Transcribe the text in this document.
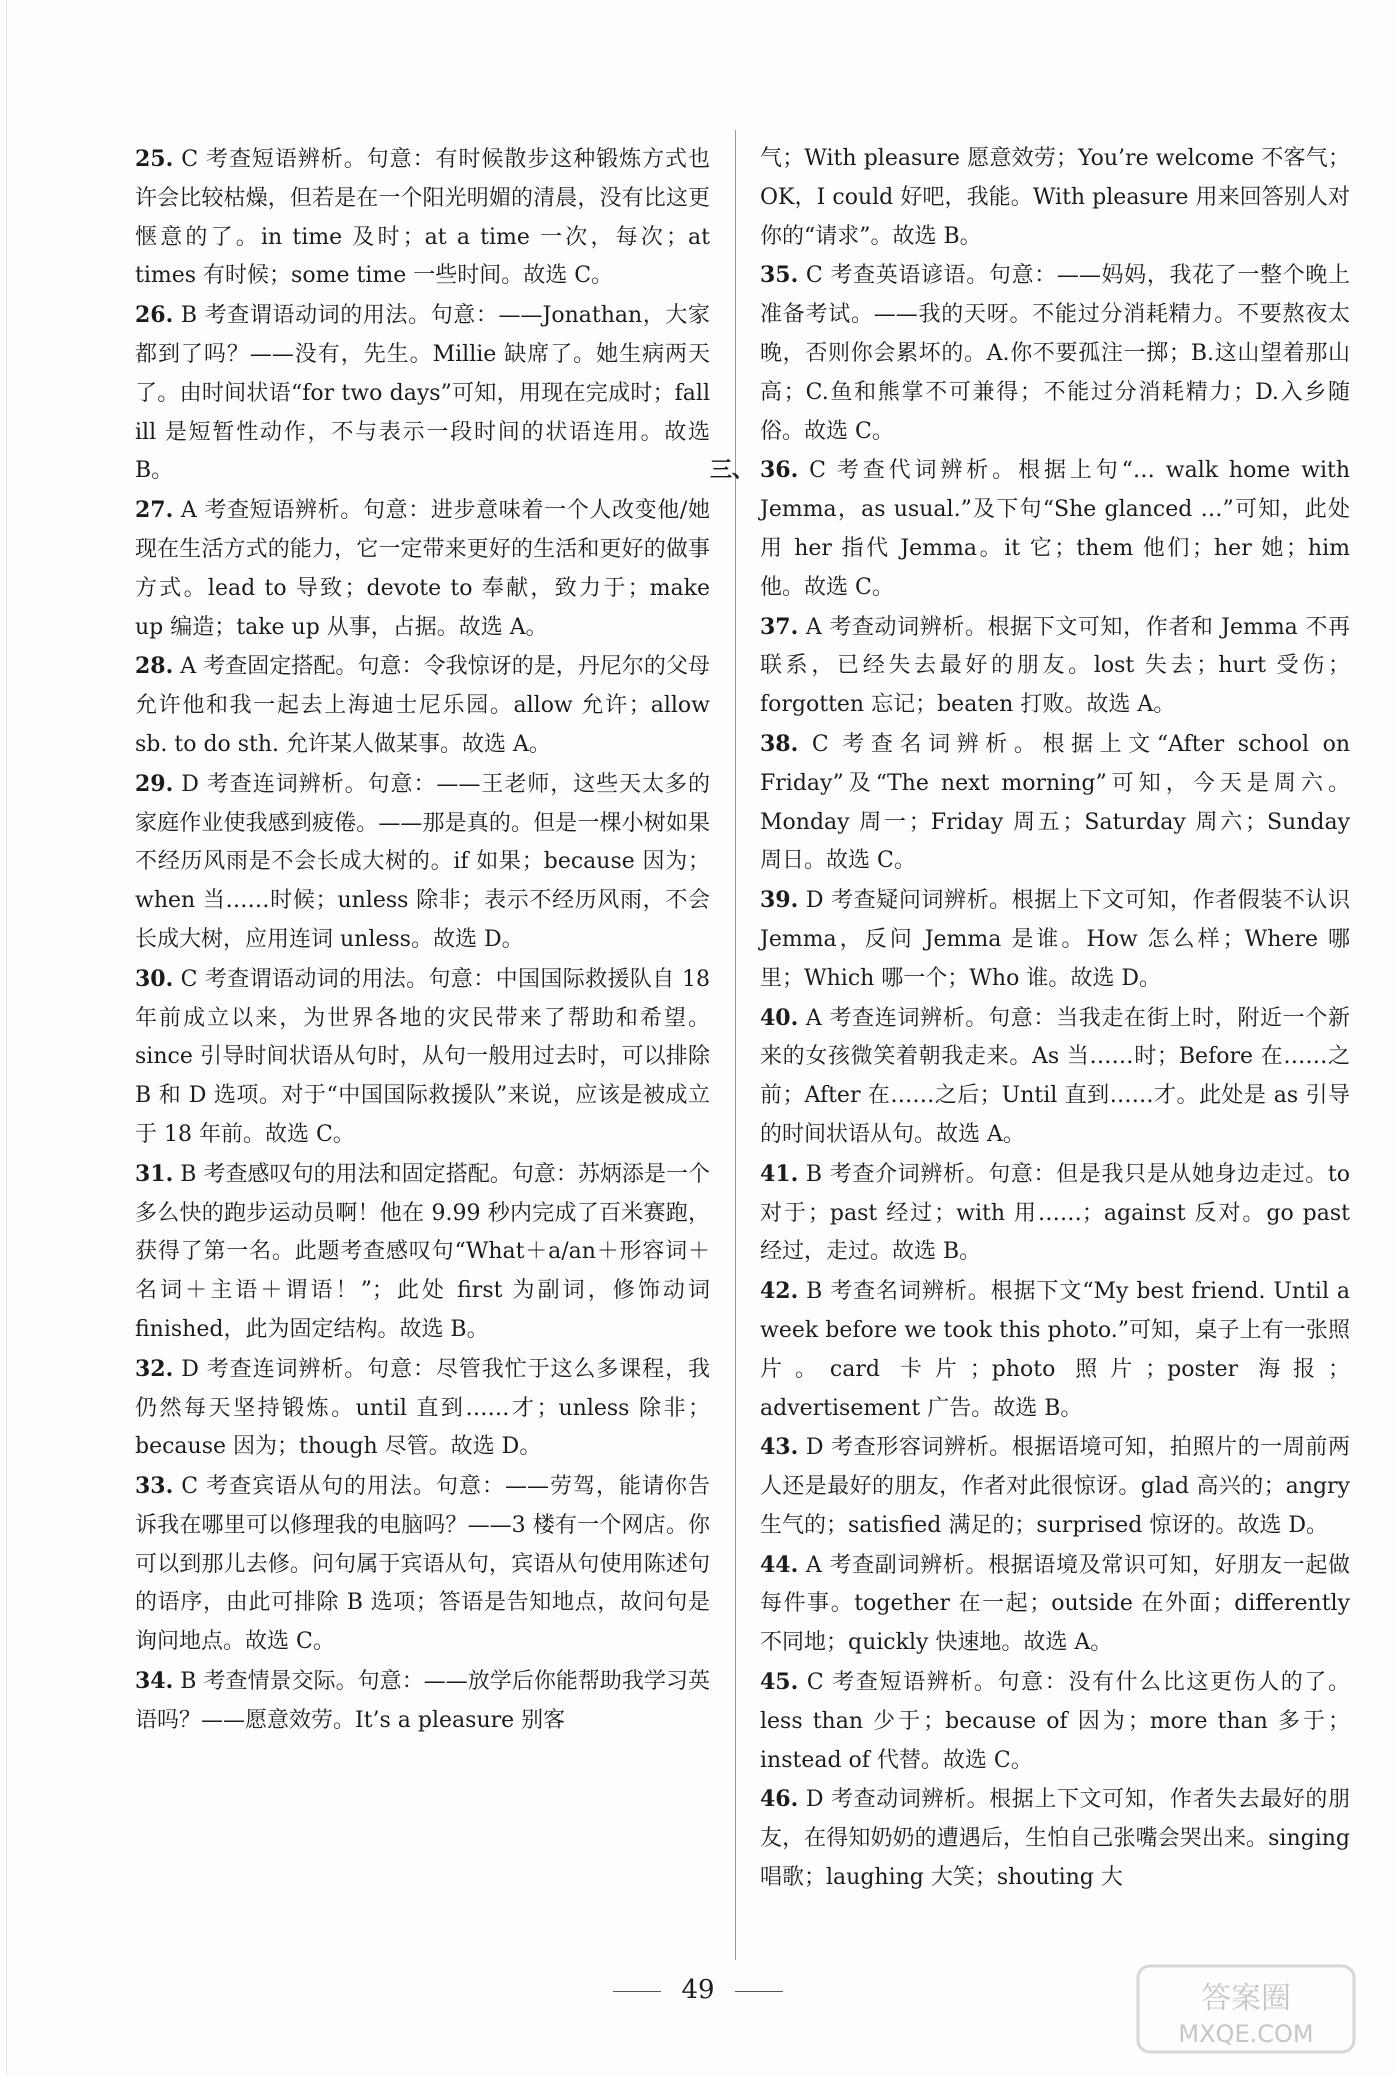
25. C 考查短语辨析。句意：有时候散步这种锻炼方式也许会比较枯燥，但若是在一个阳光明媚的清晨，没有比这更惬意的了。in time 及时；at a time 一次，每次；at times 有时候；some time 一些时间。故选 C。

26. B 考查谓语动词的用法。句意：——Jonathan，大家都到了吗？——没有，先生。Millie 缺席了。她生病两天了。由时间状语“for two days”可知，用现在完成时；fall ill 是短暂性动作，不与表示一段时间的状语连用。故选 B。

27. A 考查短语辨析。句意：进步意味着一个人改变他/她现在生活方式的能力，它一定带来更好的生活和更好的做事方式。lead to 导致；devote to 奉献，致力于；make up 编造；take up 从事，占据。故选 A。

28. A 考查固定搭配。句意：令我惊讶的是，丹尼尔的父母允许他和我一起去上海迪士尼乐园。allow 允许；allow sb. to do sth. 允许某人做某事。故选 A。

29. D 考查连词辨析。句意：——王老师，这些天太多的家庭作业使我感到疲倦。——那是真的。但是一棵小树如果不经历风雨是不会长成大树的。if 如果；because 因为；when 当……时候；unless 除非；表示不经历风雨，不会长成大树，应用连词 unless。故选 D。

30. C 考查谓语动词的用法。句意：中国国际救援队自 18 年前成立以来，为世界各地的灾民带来了帮助和希望。since 引导时间状语从句时，从句一般用过去时，可以排除 B 和 D 选项。对于“中国国际救援队”来说，应该是被成立于 18 年前。故选 C。

31. B 考查感叹句的用法和固定搭配。句意：苏炳添是一个多么快的跑步运动员啊！他在 9.99 秒内完成了百米赛跑，获得了第一名。此题考查感叹句“What＋a/an＋形容词＋名词＋主语＋谓语！”；此处 first 为副词，修饰动词 finished，此为固定结构。故选 B。

32. D 考查连词辨析。句意：尽管我忙于这么多课程，我仍然每天坚持锻炼。until 直到……才；unless 除非；because 因为；though 尽管。故选 D。

33. C 考查宾语从句的用法。句意：——劳驾，能请你告诉我在哪里可以修理我的电脑吗？——3 楼有一个网店。你可以到那儿去修。问句属于宾语从句，宾语从句使用陈述句的语序，由此可排除 B 选项；答语是告知地点，故问句是询问地点。故选 C。

34. B 考查情景交际。句意：——放学后你能帮助我学习英语吗？——愿意效劳。It’s a pleasure 别客

气；With pleasure 愿意效劳；You’re welcome 不客气；OK，I could 好吧，我能。With pleasure 用来回答别人对你的“请求”。故选 B。

35. C 考查英语谚语。句意：——妈妈，我花了一整个晚上准备考试。——我的天呀。不能过分消耗精力。不要熬夜太晚，否则你会累坏的。A.你不要孤注一掷；B.这山望着那山高；C.鱼和熊掌不可兼得；不能过分消耗精力；D.入乡随俗。故选 C。

三、 36. C 考查代词辨析。根据上句“… walk home with Jemma，as usual.”及下句“She glanced …”可知，此处用 her 指代 Jemma。it 它；them 他们；her 她；him 他。故选 C。

37. A 考查动词辨析。根据下文可知，作者和 Jemma 不再联系，已经失去最好的朋友。lost 失去；hurt 受伤；forgotten 忘记；beaten 打败。故选 A。

38. C 考查名词辨析。根据上文“After school on Friday”及“The next morning”可知，今天是周六。Monday 周一；Friday 周五；Saturday 周六；Sunday 周日。故选 C。

39. D 考查疑问词辨析。根据上下文可知，作者假装不认识 Jemma，反问 Jemma 是谁。How 怎么样；Where 哪里；Which 哪一个；Who 谁。故选 D。

40. A 考查连词辨析。句意：当我走在街上时，附近一个新来的女孩微笑着朝我走来。As 当……时；Before 在……之前；After 在……之后；Until 直到……才。此处是 as 引导的时间状语从句。故选 A。

41. B 考查介词辨析。句意：但是我只是从她身边走过。to 对于；past 经过；with 用……；against 反对。go past 经过，走过。故选 B。

42. B 考查名词辨析。根据下文“My best friend. Until a week before we took this photo.”可知，桌子上有一张照片。card 卡片；photo 照片；poster 海报；advertisement 广告。故选 B。

43. D 考查形容词辨析。根据语境可知，拍照片的一周前两人还是最好的朋友，作者对此很惊讶。glad 高兴的；angry 生气的；satisfied 满足的；surprised 惊讶的。故选 D。

44. A 考查副词辨析。根据语境及常识可知，好朋友一起做每件事。together 在一起；outside 在外面；differently 不同地；quickly 快速地。故选 A。

45. C 考查短语辨析。句意：没有什么比这更伤人的了。less than 少于；because of 因为；more than 多于；instead of 代替。故选 C。

46. D 考查动词辨析。根据上下文可知，作者失去最好的朋友，在得知奶奶的遭遇后，生怕自己张嘴会哭出来。singing 唱歌；laughing 大笑；shouting 大

49	答案圈
MXQE.COM
